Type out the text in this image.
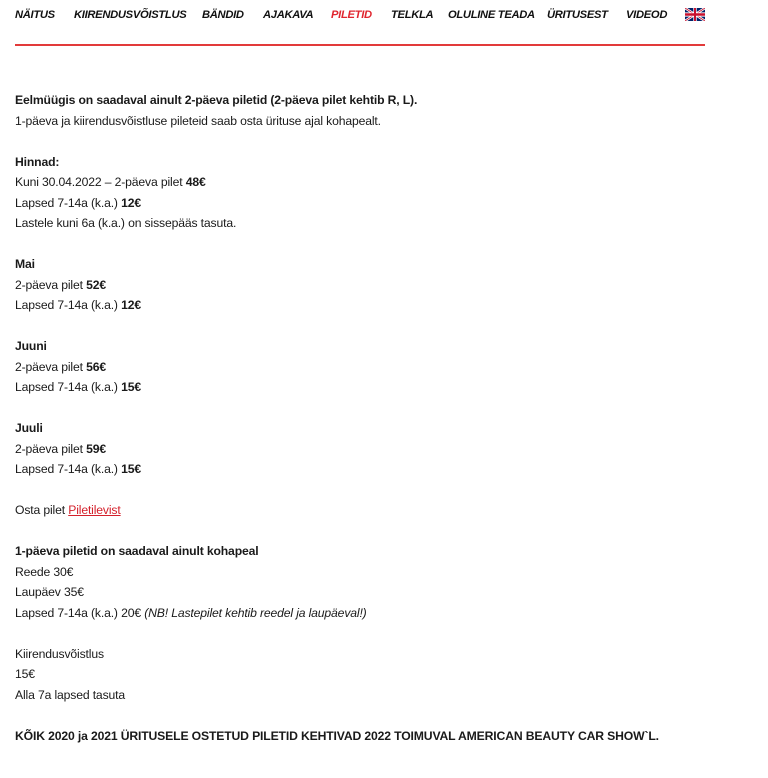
NÄITUS KIIRENDUSVÕISTLUS BÄNDID AJAKAVA PILETID TELKLA OLULINE TEADA ÜRITUSEST VIDEOD

Eelmüügis on saadaval ainult 2-päeva piletid (2-päeva pilet kehtib R, L).

1-päeva ja kiirendusvõistluse pileteid saab osta ürituse ajal kohapealt.

Hinnad:

Kuni 30.04.2022 – 2-päeva pilet 48€

Lapsed 7-14a (k.a.) 12€

Lastele kuni 6a (k.a.) on sissepääs tasuta.

Mai

2-päeva pilet 52€

Lapsed 7-14a (k.a.) 12€

Juuni

2-päeva pilet 56€

Lapsed 7-14a (k.a.) 15€

Juuli

2-päeva pilet 59€

Lapsed 7-14a (k.a.) 15€

Osta pilet Piletilevist

1-päeva piletid on saadaval ainult kohapeal

Reede 30€

Laupäev 35€

Lapsed 7-14a (k.a.) 20€ (NB! Lastepilet kehtib reedel ja laupäeval!)

Kiirendusvõistlus

15€

Alla 7a lapsed tasuta

KÕIK 2020 ja 2021 ÜRITUSELE OSTETUD PILETID KEHTIVAD 2022 TOIMUVAL AMERICAN BEAUTY CAR SHOW`L.
